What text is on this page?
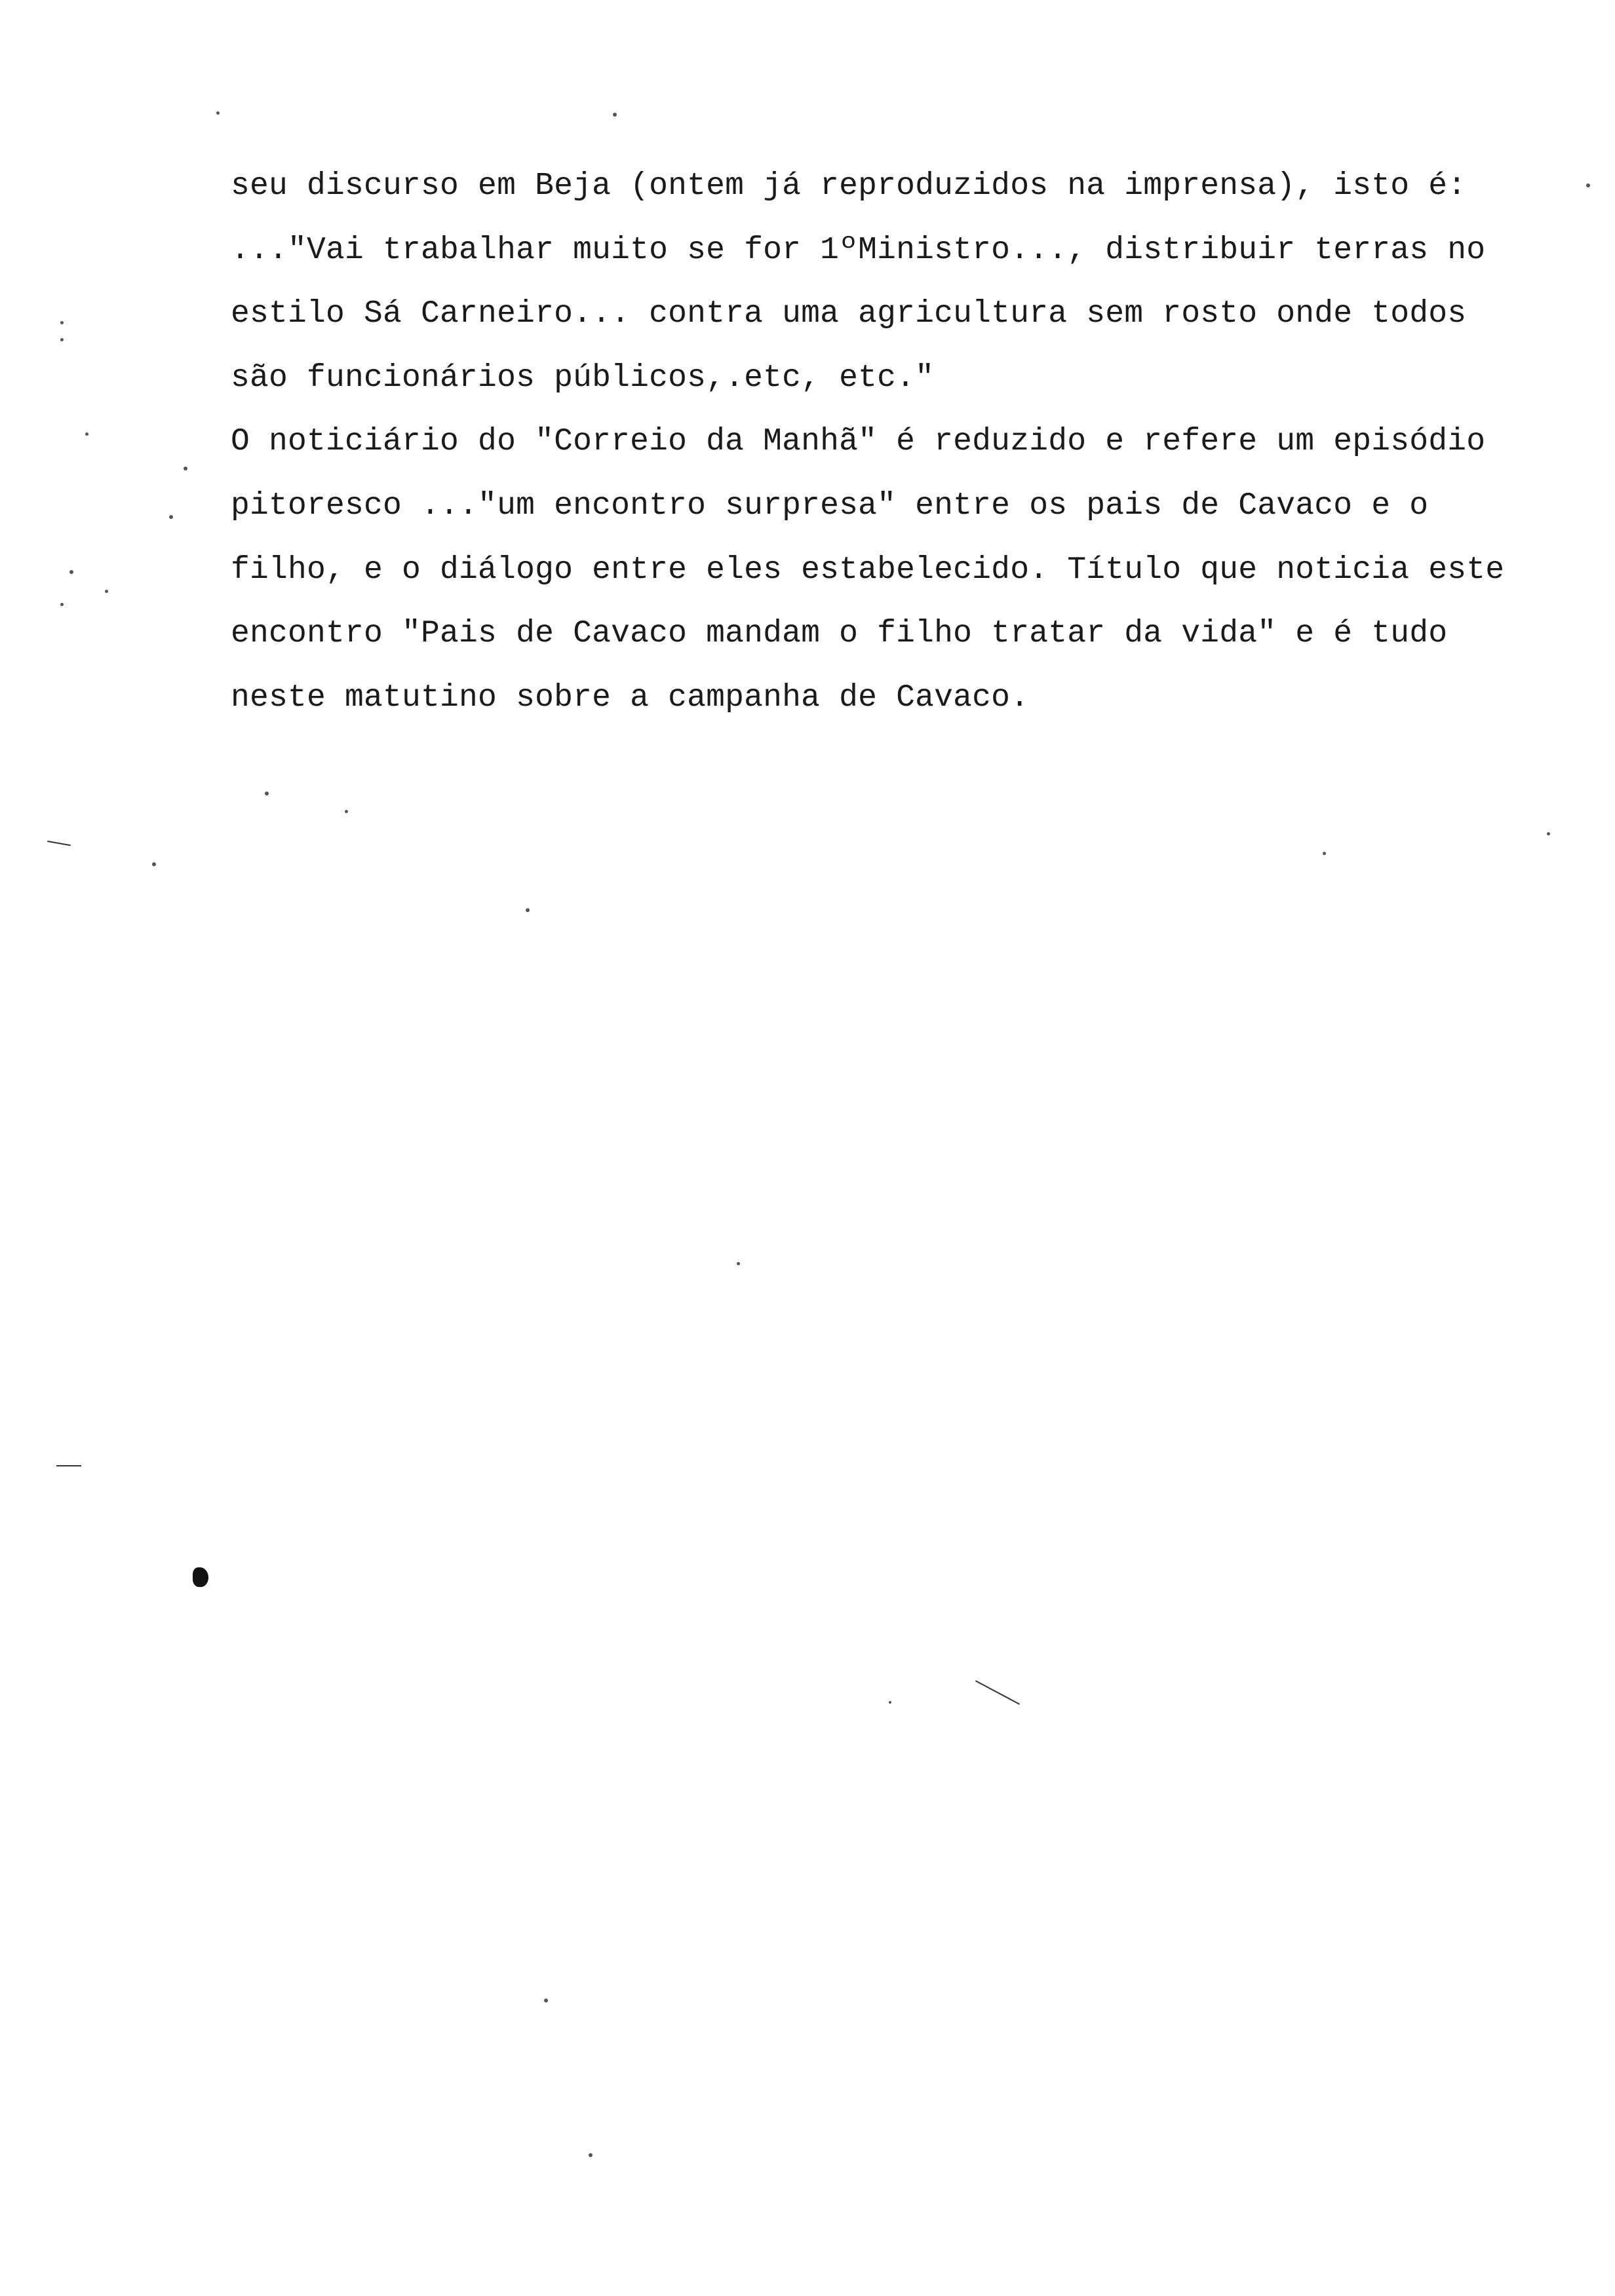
seu discurso em Beja (ontem já reproduzidos na imprensa), isto é:
..."Vai trabalhar muito se for 1ºMinistro..., distribuir terras no
estilo Sá Carneiro... contra uma agricultura sem rosto onde todos
são funcionários públicos,.etc, etc."
O noticiário do "Correio da Manhã" é reduzido e refere um episódio
pitoresco ..."um encontro surpresa" entre os pais de Cavaco e o
filho, e o diálogo entre eles estabelecido. Título que noticia este
encontro "Pais de Cavaco mandam o filho tratar da vida" e é tudo
neste matutino sobre a campanha de Cavaco.
